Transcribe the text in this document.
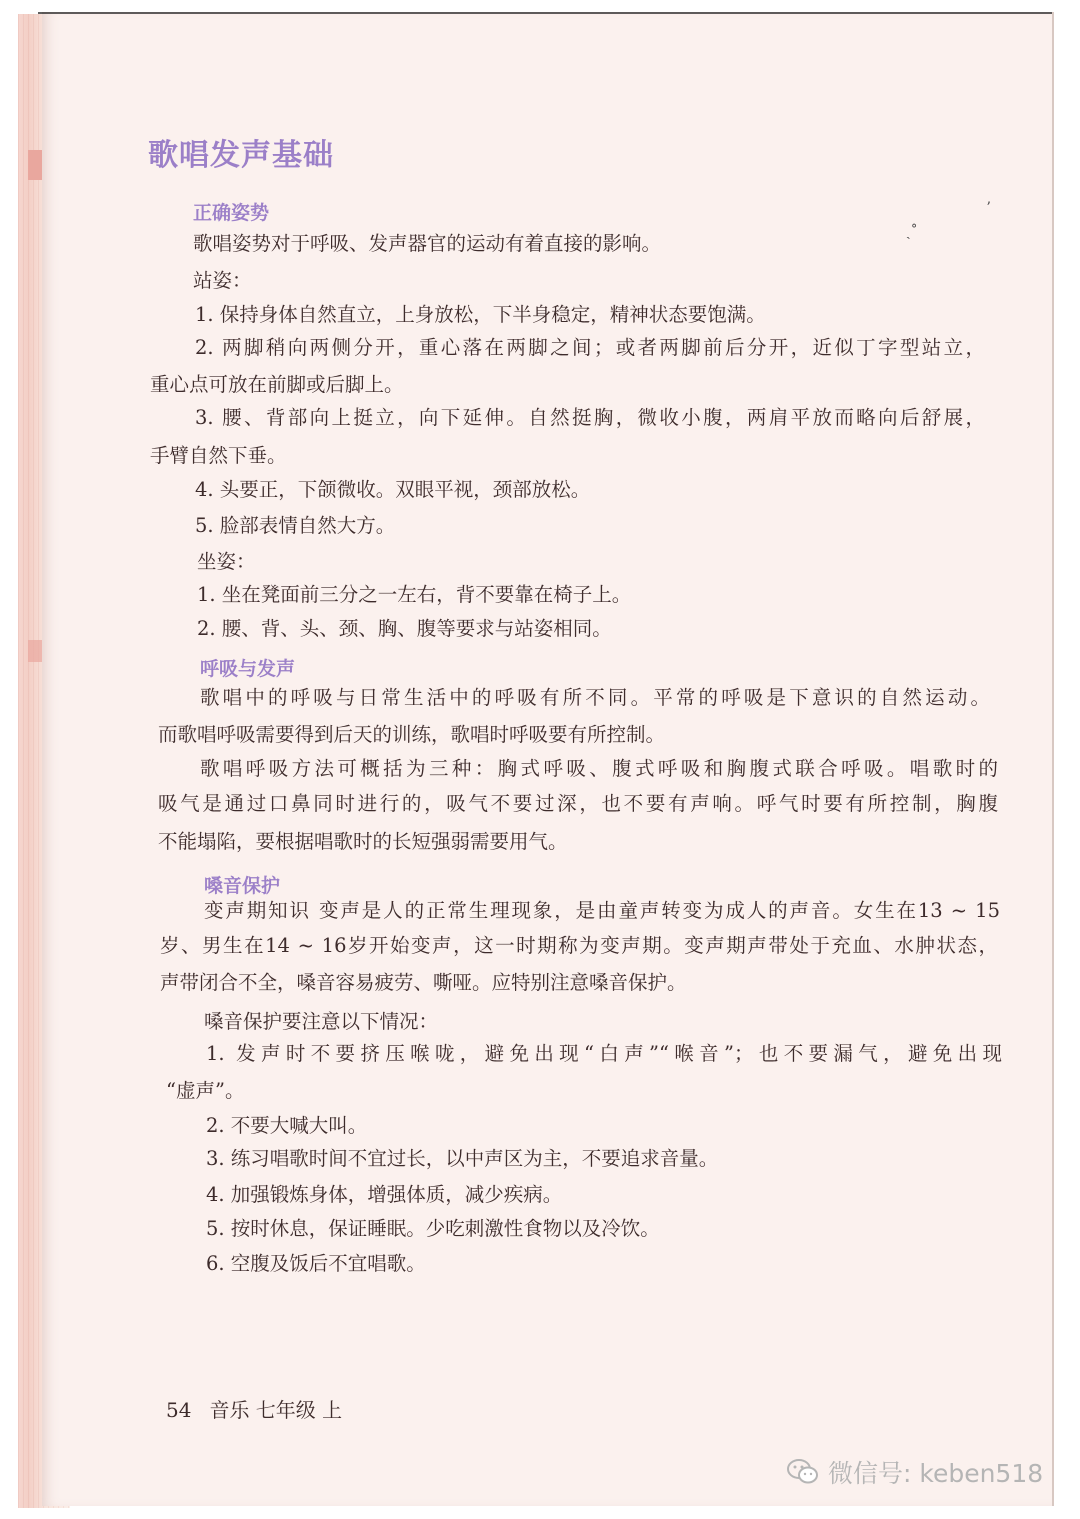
ʼ
ˏ˚
歌唱发声基础
正确姿势
歌唱姿势对于呼吸、发声器官的运动有着直接的影响。
站姿：
1. 保持身体自然直立，上身放松，下半身稳定，精神状态要饱满。
2. 两脚稍向两侧分开，重心落在两脚之间；或者两脚前后分开，近似丁字型站立，
重心点可放在前脚或后脚上。
3. 腰、背部向上挺立，向下延伸。自然挺胸，微收小腹，两肩平放而略向后舒展，
手臂自然下垂。
4. 头要正，下颌微收。双眼平视，颈部放松。
5. 脸部表情自然大方。
坐姿：
1. 坐在凳面前三分之一左右，背不要靠在椅子上。
2. 腰、背、头、颈、胸、腹等要求与站姿相同。
呼吸与发声
歌唱中的呼吸与日常生活中的呼吸有所不同。平常的呼吸是下意识的自然运动。
而歌唱呼吸需要得到后天的训练，歌唱时呼吸要有所控制。
歌唱呼吸方法可概括为三种：胸式呼吸、腹式呼吸和胸腹式联合呼吸。唱歌时的
吸气是通过口鼻同时进行的，吸气不要过深，也不要有声响。呼气时要有所控制，胸腹
不能塌陷，要根据唱歌时的长短强弱需要用气。
嗓音保护
变声期知识 变声是人的正常生理现象，是由童声转变为成人的声音。女生在13 ~ 15
岁、男生在14 ~ 16岁开始变声，这一时期称为变声期。变声期声带处于充血、水肿状态，
声带闭合不全，嗓音容易疲劳、嘶哑。应特别注意嗓音保护。
嗓音保护要注意以下情况：
1. 发声时不要挤压喉咙，避免出现“白声”“喉音”；也不要漏气，避免出现
“虚声”。
2. 不要大喊大叫。
3. 练习唱歌时间不宜过长，以中声区为主，不要追求音量。
4. 加强锻炼身体，增强体质，减少疾病。
5. 按时休息，保证睡眠。少吃刺激性食物以及冷饮。
6. 空腹及饭后不宜唱歌。
54 音乐 七年级 上
微信号: keben518
